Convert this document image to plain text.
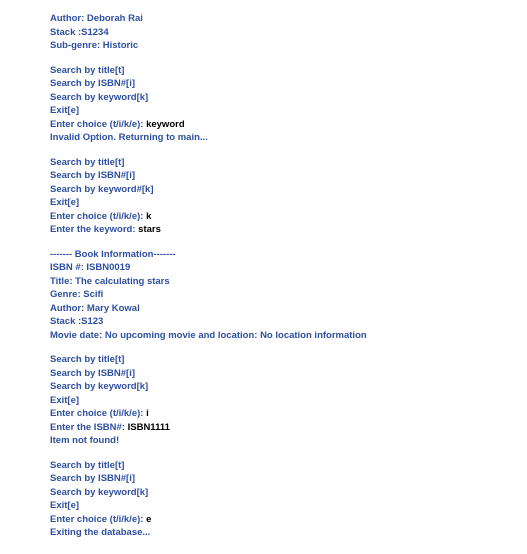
Author: Deborah Rai
Stack :S1234
Sub-genre: Historic
Search by title[t]
Search by ISBN#[i]
Search by keyword[k]
Exit[e]
Enter choice (t/i/k/e): keyword
Invalid Option. Returning to main...
Search by title[t]
Search by ISBN#[i]
Search by keyword#[k]
Exit[e]
Enter choice (t/i/k/e): k
Enter the keyword: stars
------- Book Information-------
ISBN #: ISBN0019
Title: The calculating stars
Genre: Scifi
Author: Mary Kowal
Stack :S123
Movie date: No upcoming movie and location: No location information
Search by title[t]
Search by ISBN#[i]
Search by keyword[k]
Exit[e]
Enter choice (t/i/k/e): i
Enter the ISBN#: ISBN1111
Item not found!
Search by title[t]
Search by ISBN#[i]
Search by keyword[k]
Exit[e]
Enter choice (t/i/k/e): e
Exiting the database...
